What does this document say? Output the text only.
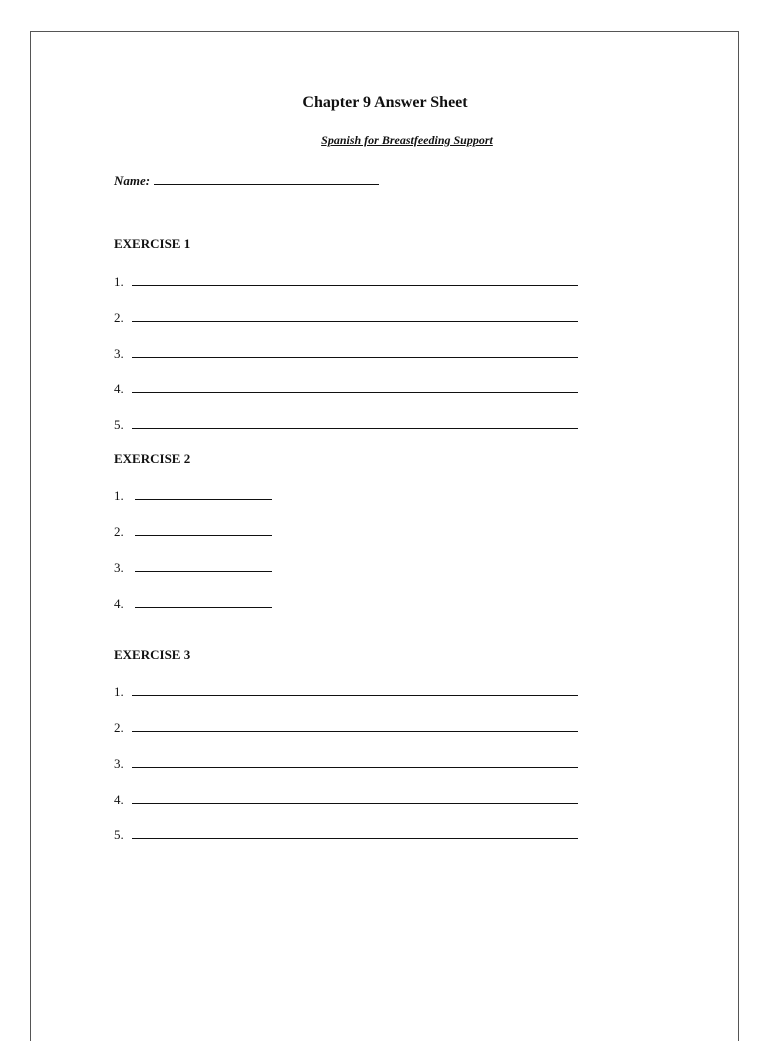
Chapter 9 Answer Sheet
Spanish for Breastfeeding Support
Name:
EXERCISE 1
1.
2.
3.
4.
5.
EXERCISE 2
1.
2.
3.
4.
EXERCISE 3
1.
2.
3.
4.
5.
